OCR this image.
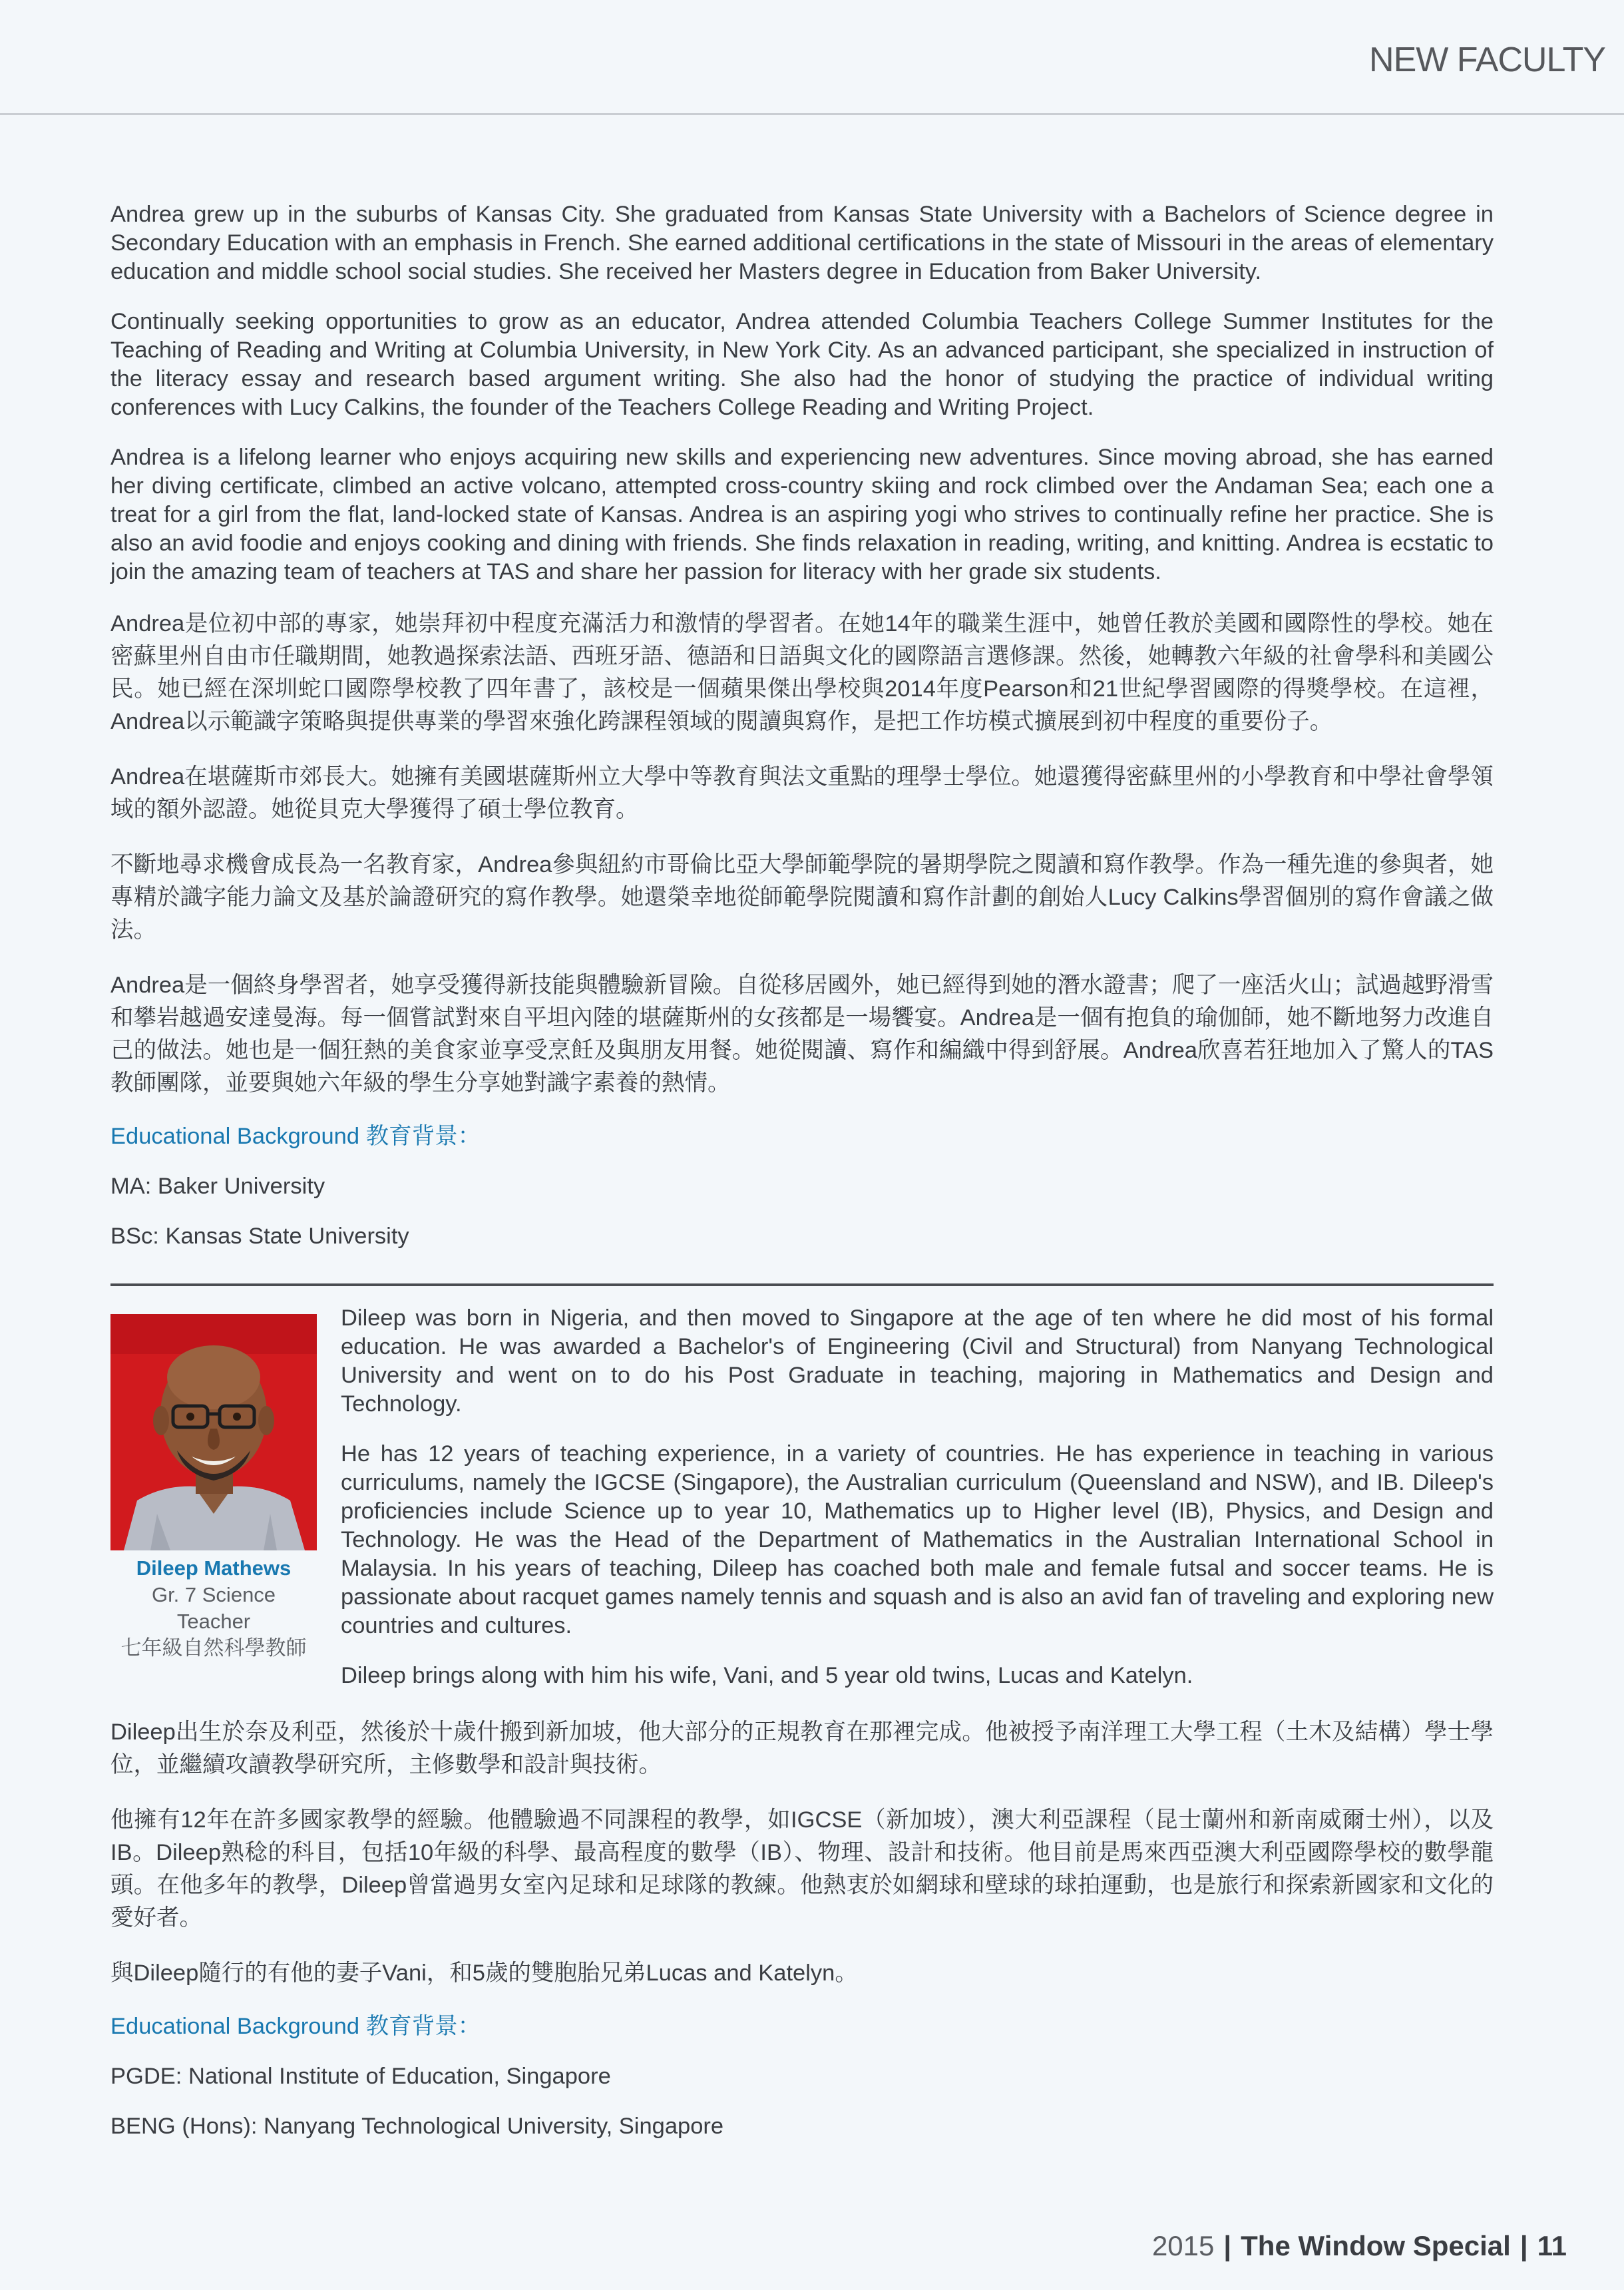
NEW FACULTY

Andrea grew up in the suburbs of Kansas City. She graduated from Kansas State University with a Bachelors of Science degree in Secondary Education with an emphasis in French. She earned additional certifications in the state of Missouri in the areas of elementary education and middle school social studies. She received her Masters degree in Education from Baker University.

Continually seeking opportunities to grow as an educator, Andrea attended Columbia Teachers College Summer Institutes for the Teaching of Reading and Writing at Columbia University, in New York City. As an advanced participant, she specialized in instruction of the literacy essay and research based argument writing. She also had the honor of studying the practice of individual writing conferences with Lucy Calkins, the founder of the Teachers College Reading and Writing Project.

Andrea is a lifelong learner who enjoys acquiring new skills and experiencing new adventures. Since moving abroad, she has earned her diving certificate, climbed an active volcano, attempted cross-country skiing and rock climbed over the Andaman Sea; each one a treat for a girl from the flat, land-locked state of Kansas. Andrea is an aspiring yogi who strives to continually refine her practice. She is also an avid foodie and enjoys cooking and dining with friends. She finds relaxation in reading, writing, and knitting. Andrea is ecstatic to join the amazing team of teachers at TAS and share her passion for literacy with her grade six students.

Andrea是位初中部的專家，她崇拜初中程度充滿活力和激情的學習者。在她14年的職業生涯中，她曾任教於美國和國際性的學校。她在密蘇里州自由市任職期間，她教過探索法語、西班牙語、德語和日語與文化的國際語言選修課。然後，她轉教六年級的社會學科和美國公民。她已經在深圳蛇口國際學校教了四年書了，該校是一個蘋果傑出學校與2014年度Pearson和21世紀學習國際的得獎學校。在這裡，Andrea以示範識字策略與提供專業的學習來強化跨課程領域的閱讀與寫作，是把工作坊模式擴展到初中程度的重要份子。

Andrea在堪薩斯市郊長大。她擁有美國堪薩斯州立大學中等教育與法文重點的理學士學位。她還獲得密蘇里州的小學教育和中學社會學領域的額外認證。她從貝克大學獲得了碩士學位教育。

不斷地尋求機會成長為一名教育家，Andrea參與紐約市哥倫比亞大學師範學院的暑期學院之閱讀和寫作教學。作為一種先進的參與者，她專精於識字能力論文及基於論證研究的寫作教學。她還榮幸地從師範學院閱讀和寫作計劃的創始人Lucy Calkins學習個別的寫作會議之做法。

Andrea是一個終身學習者，她享受獲得新技能與體驗新冒險。自從移居國外，她已經得到她的潛水證書；爬了一座活火山；試過越野滑雪和攀岩越過安達曼海。每一個嘗試對來自平坦內陸的堪薩斯州的女孩都是一場饗宴。Andrea是一個有抱負的瑜伽師，她不斷地努力改進自己的做法。她也是一個狂熱的美食家並享受烹飪及與朋友用餐。她從閱讀、寫作和編織中得到舒展。Andrea欣喜若狂地加入了驚人的TAS教師團隊，並要與她六年級的學生分享她對識字素養的熱情。

Educational Background 教育背景：

MA: Baker University

BSc: Kansas State University

Dileep Mathews
Gr. 7 Science
Teacher
七年級自然科學教師

Dileep was born in Nigeria, and then moved to Singapore at the age of ten where he did most of his formal education. He was awarded a Bachelor's of Engineering (Civil and Structural) from Nanyang Technological University and went on to do his Post Graduate in teaching, majoring in Mathematics and Design and Technology.

He has 12 years of teaching experience, in a variety of countries. He has experience in teaching in various curriculums, namely the IGCSE (Singapore), the Australian curriculum (Queensland and NSW), and IB. Dileep's proficiencies include Science up to year 10, Mathematics up to Higher level (IB), Physics, and Design and Technology. He was the Head of the Department of Mathematics in the Australian International School in Malaysia. In his years of teaching, Dileep has coached both male and female futsal and soccer teams. He is passionate about racquet games namely tennis and squash and is also an avid fan of traveling and exploring new countries and cultures.

Dileep brings along with him his wife, Vani, and 5 year old twins, Lucas and Katelyn.

Dileep出生於奈及利亞，然後於十歲什搬到新加坡，他大部分的正規教育在那裡完成。他被授予南洋理工大學工程（土木及結構）學士學位，並繼續攻讀教學研究所，主修數學和設計與技術。

他擁有12年在許多國家教學的經驗。他體驗過不同課程的教學，如IGCSE（新加坡），澳大利亞課程（昆士蘭州和新南威爾士州），以及IB。Dileep熟稔的科目，包括10年級的科學、最高程度的數學（IB）、物理、設計和技術。他目前是馬來西亞澳大利亞國際學校的數學龍頭。在他多年的教學，Dileep曾當過男女室內足球和足球隊的教練。他熱衷於如網球和壁球的球拍運動，也是旅行和探索新國家和文化的愛好者。

與Dileep隨行的有他的妻子Vani，和5歲的雙胞胎兄弟Lucas and Katelyn。

Educational Background 教育背景：

PGDE: National Institute of Education, Singapore

BENG (Hons): Nanyang Technological University, Singapore

2015 | The Window Special | 11
